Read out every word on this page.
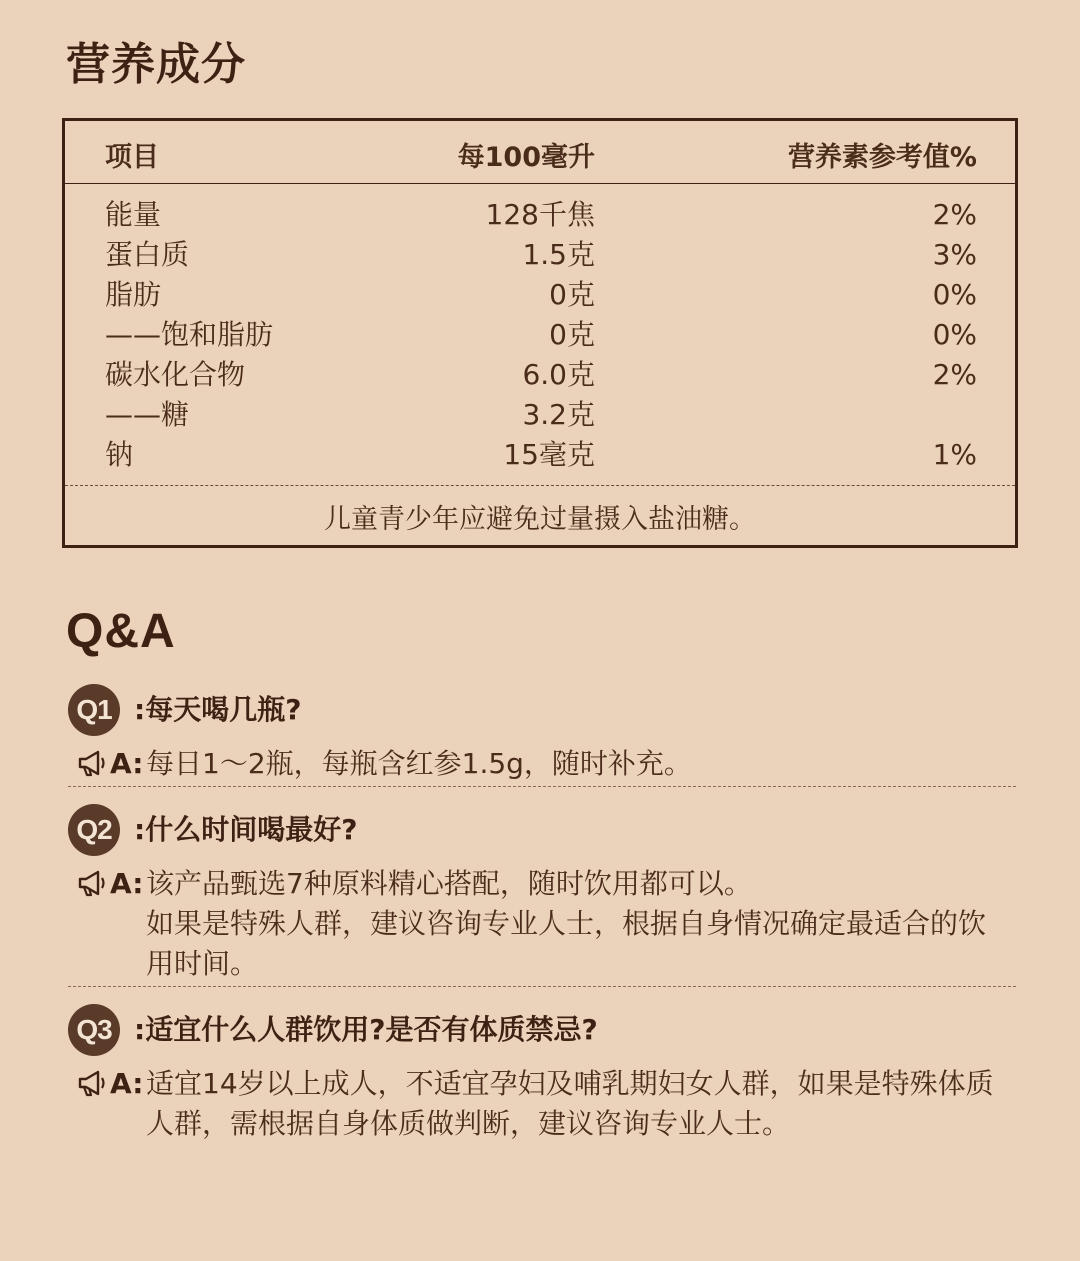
营养成分
项目	每100毫升	营养素参考值%
能量	128千焦	2%
蛋白质	1.5克	3%
脂肪	0克	0%
——饱和脂肪	0克	0%
碳水化合物	6.0克	2%
——糖	3.2克
钠	15毫克	1%
儿童青少年应避免过量摄入盐油糖。
Q&A
Q1 :每天喝几瓶?
A: 每日1～2瓶，每瓶含红参1.5g，随时补充。
Q2 :什么时间喝最好?
A: 该产品甄选7种原料精心搭配，随时饮用都可以。
如果是特殊人群，建议咨询专业人士，根据自身情况确定最适合的饮
用时间。
Q3 :适宜什么人群饮用?是否有体质禁忌?
A: 适宜14岁以上成人，不适宜孕妇及哺乳期妇女人群，如果是特殊体质
人群，需根据自身体质做判断，建议咨询专业人士。
